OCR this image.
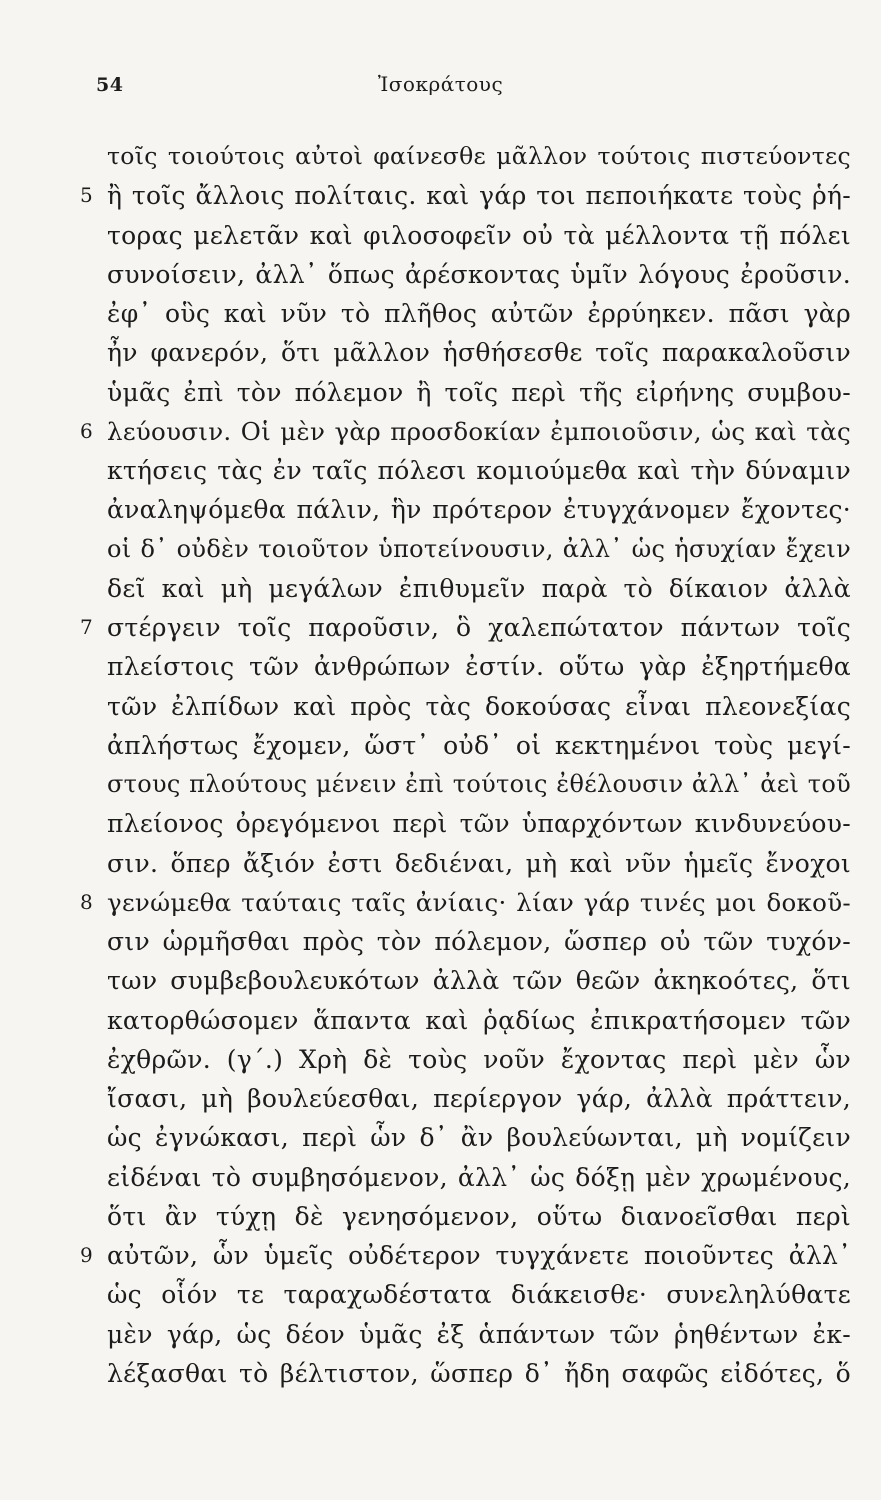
54	Ἰσοκράτους
τοῖς τοιούτοις αὐτοὶ φαίνεσθε μᾶλλον τούτοις πιστεύοντες
5 ἢ τοῖς ἄλλοις πολίταις. καὶ γάρ τοι πεποιήκατε τοὺς ῥή-
τορας μελετᾶν καὶ φιλοσοφεῖν οὐ τὰ μέλλοντα τῇ πόλει
συνοίσειν, ἀλλ᾽ ὅπως ἀρέσκοντας ὑμῖν λόγους ἐροῦσιν.
ἐφ᾽ οὓς καὶ νῦν τὸ πλῆθος αὐτῶν ἐρρύηκεν. πᾶσι γὰρ
ἦν φανερόν, ὅτι μᾶλλον ἡσθήσεσθε τοῖς παρακαλοῦσιν
ὑμᾶς ἐπὶ τὸν πόλεμον ἢ τοῖς περὶ τῆς εἰρήνης συμβου-
6 λεύουσιν. Οἱ μὲν γὰρ προσδοκίαν ἐμποιοῦσιν, ὡς καὶ τὰς
κτήσεις τὰς ἐν ταῖς πόλεσι κομιούμεθα καὶ τὴν δύναμιν
ἀναληψόμεθα πάλιν, ἣν πρότερον ἐτυγχάνομεν ἔχοντες·
οἱ δ᾽ οὐδὲν τοιοῦτον ὑποτείνουσιν, ἀλλ᾽ ὡς ἡσυχίαν ἔχειν
δεῖ καὶ μὴ μεγάλων ἐπιθυμεῖν παρὰ τὸ δίκαιον ἀλλὰ
7 στέργειν τοῖς παροῦσιν, ὃ χαλεπώτατον πάντων τοῖς
πλείστοις τῶν ἀνθρώπων ἐστίν. οὕτω γὰρ ἐξηρτήμεθα
τῶν ἐλπίδων καὶ πρὸς τὰς δοκούσας εἶναι πλεονεξίας
ἀπλήστως ἔχομεν, ὥστ᾽ οὐδ᾽ οἱ κεκτημένοι τοὺς μεγί-
στους πλούτους μένειν ἐπὶ τούτοις ἐθέλουσιν ἀλλ᾽ ἀεὶ τοῦ
πλείονος ὀρεγόμενοι περὶ τῶν ὑπαρχόντων κινδυνεύου-
σιν. ὅπερ ἄξιόν ἐστι δεδιέναι, μὴ καὶ νῦν ἡμεῖς ἔνοχοι
8 γενώμεθα ταύταις ταῖς ἀνίαις· λίαν γάρ τινές μοι δοκοῦ-
σιν ὡρμῆσθαι πρὸς τὸν πόλεμον, ὥσπερ οὐ τῶν τυχόν-
των συμβεβουλευκότων ἀλλὰ τῶν θεῶν ἀκηκοότες, ὅτι
κατορθώσομεν ἅπαντα καὶ ῥᾳδίως ἐπικρατήσομεν τῶν
ἐχθρῶν. (γ΄.) Χρὴ δὲ τοὺς νοῦν ἔχοντας περὶ μὲν ὧν
ἴσασι, μὴ βουλεύεσθαι, περίεργον γάρ, ἀλλὰ πράττειν,
ὡς ἐγνώκασι, περὶ ὧν δ᾽ ἂν βουλεύωνται, μὴ νομίζειν
εἰδέναι τὸ συμβησόμενον, ἀλλ᾽ ὡς δόξῃ μὲν χρωμένους,
ὅτι ἂν τύχῃ δὲ γενησόμενον, οὕτω διανοεῖσθαι περὶ
9 αὐτῶν, ὧν ὑμεῖς οὐδέτερον τυγχάνετε ποιοῦντες ἀλλ᾽
ὡς οἷόν τε ταραχωδέστατα διάκεισθε· συνεληλύθατε
μὲν γάρ, ὡς δέον ὑμᾶς ἐξ ἁπάντων τῶν ῥηθέντων ἐκ-
λέξασθαι τὸ βέλτιστον, ὥσπερ δ᾽ ἤδη σαφῶς εἰδότες, ὅ
